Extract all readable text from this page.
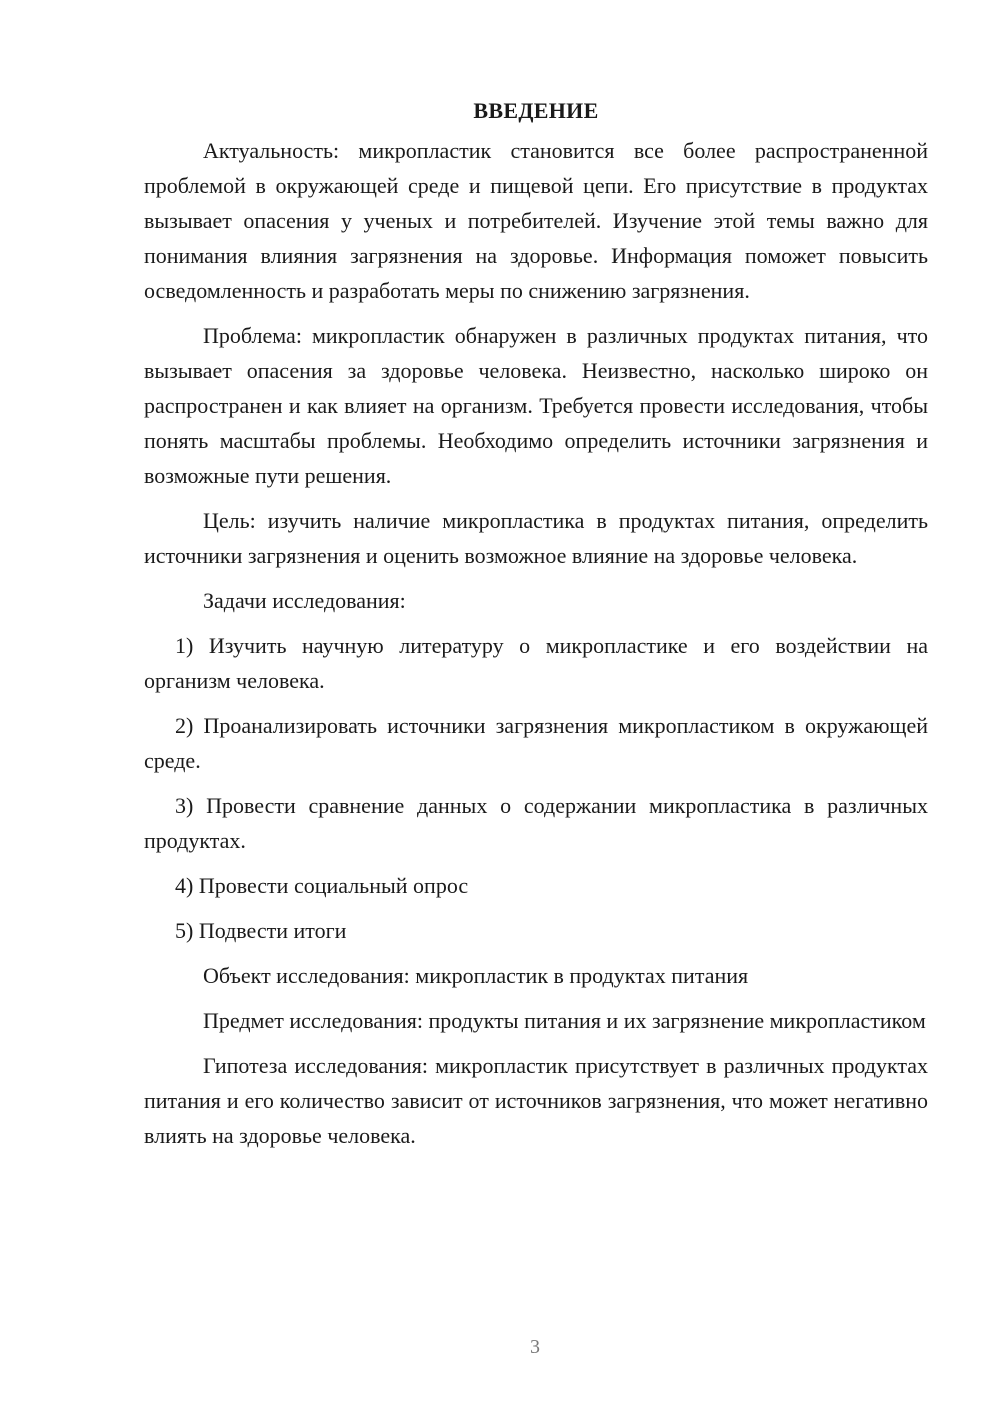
ВВЕДЕНИЕ

Актуальность: микропластик становится все более распространенной проблемой в окружающей среде и пищевой цепи. Его присутствие в продуктах вызывает опасения у ученых и потребителей. Изучение этой темы важно для понимания влияния загрязнения на здоровье. Информация поможет повысить осведомленность и разработать меры по снижению загрязнения.

Проблема: микропластик обнаружен в различных продуктах питания, что вызывает опасения за здоровье человека. Неизвестно, насколько широко он распространен и как влияет на организм. Требуется провести исследования, чтобы понять масштабы проблемы. Необходимо определить источники загрязнения и возможные пути решения.

Цель: изучить наличие микропластика в продуктах питания, определить источники загрязнения и оценить возможное влияние на здоровье человека.

Задачи исследования:

1) Изучить научную литературу о микропластике и его воздействии на организм человека.

2) Проанализировать источники загрязнения микропластиком в окружающей среде.

3) Провести сравнение данных о содержании микропластика в различных продуктах.

4) Провести социальный опрос

5) Подвести итоги

Объект исследования: микропластик в продуктах питания

Предмет исследования: продукты питания и их загрязнение микропластиком

Гипотеза исследования: микропластик присутствует в различных продуктах питания и его количество зависит от источников загрязнения, что может негативно влиять на здоровье человека.

3
